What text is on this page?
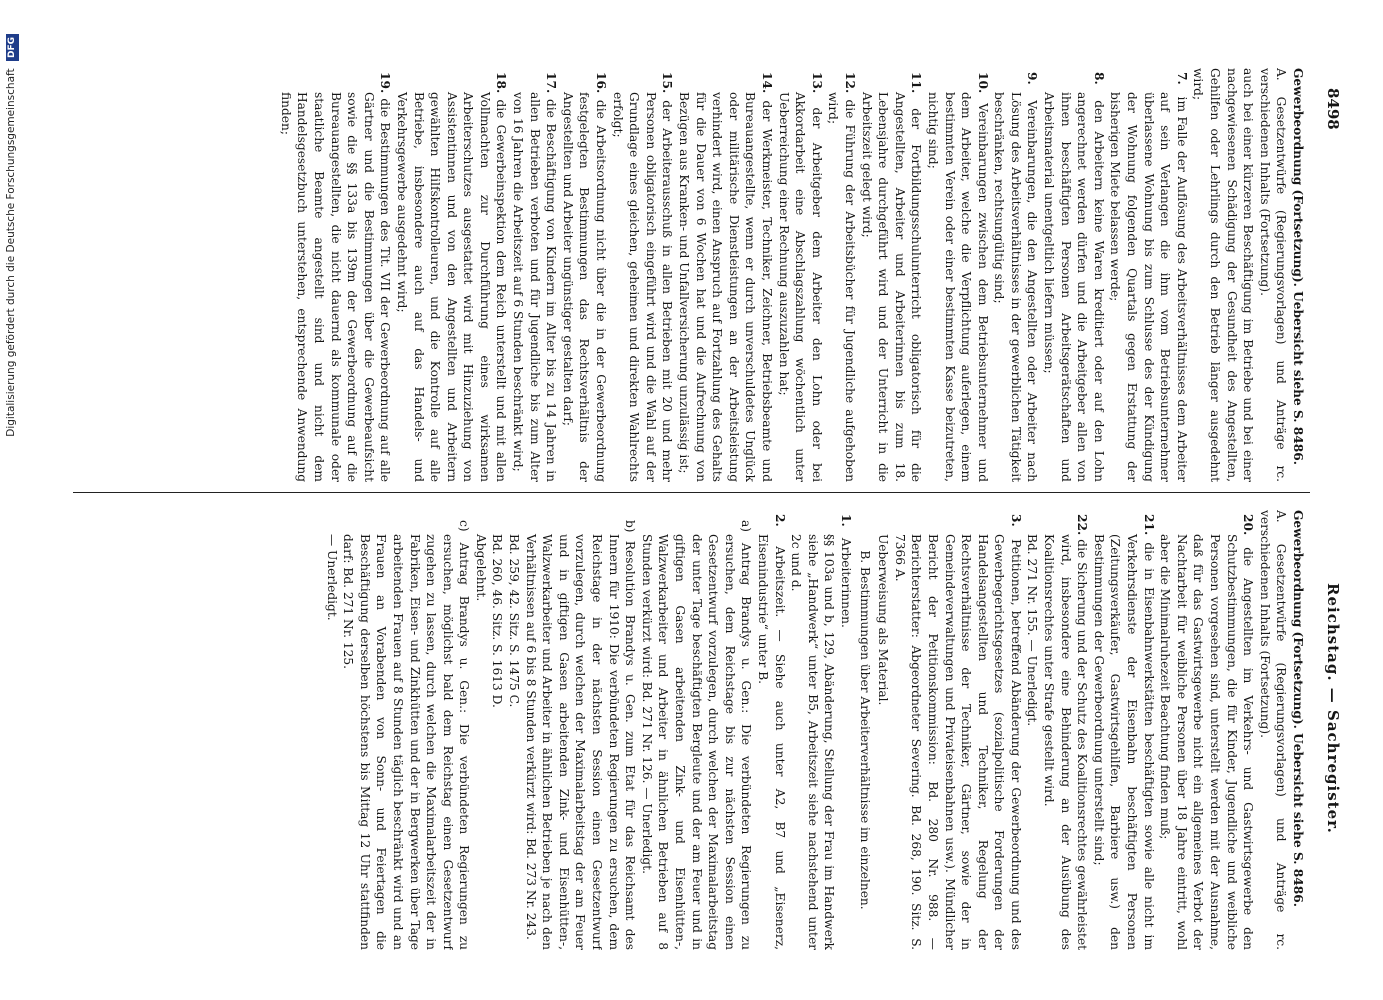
8498
Reichstag. — Sachregister.

Gewerbeordnung (Fortsetzung). Uebersicht siehe S. 8486.

A. Gesetzentwürfe (Regierungsvorlagen) und Anträge rc. verschiedenen Inhalts (Fortsetzung).

auch bei einer kürzeren Beschäftigung im Betriebe und bei einer nachgewiesenen Schädigung der Gesundheit des Angestellten, Gehilfen oder Lehrlings durch den Betrieb länger ausgedehnt wird;

7. im Falle der Auflösung des Arbeitsverhältnisses dem Arbeiter auf sein Verlangen die ihm vom Betriebsunternehmer überlassene Wohnung bis zum Schlusse des der Kündigung der Wohnung folgenden Quartals gegen Erstattung der bisherigen Miete belassen werde;

8. den Arbeitern keine Waren kreditiert oder auf den Lohn angerechnet werden dürfen und die Arbeitgeber allen von ihnen beschäftigten Personen Arbeitsgerätschaften und Arbeitsmaterial unentgeltlich liefern müssen;

9. Vereinbarungen, die den Angestellten oder Arbeiter nach Lösung des Arbeitsverhältnisses in der gewerblichen Tätigkeit beschränken, rechtsungültig sind;

10. Vereinbarungen zwischen dem Betriebsunternehmer und dem Arbeiter, welche die Verpflichtung auferlegen, einem bestimmten Verein oder einer bestimmten Kasse beizutreten, nichtig sind;

11. der Fortbildungsschulunterricht obligatorisch für die Angestellten, Arbeiter und Arbeiterinnen bis zum 18. Lebensjahre durchgeführt wird und der Unterricht in die Arbeitszeit gelegt wird;

12. die Führung der Arbeitsbücher für Jugendliche aufgehoben wird;

13. der Arbeitgeber dem Arbeiter den Lohn oder bei Akkordarbeit eine Abschlagszahlung wöchentlich unter Ueberreichung einer Rechnung auszuzahlen hat;

14. der Werkmeister, Techniker, Zeichner, Betriebsbeamte und Bureauangestellte, wenn er durch unverschuldetes Unglück oder militärische Dienstleistungen an der Arbeitsleistung verhindert wird, einen Anspruch auf Fortzahlung des Gehalts für die Dauer von 6 Wochen hat und die Aufrechnung von Bezügen aus Kranken- und Unfallversicherung unzulässig ist;

15. der Arbeiterausschuß in allen Betrieben mit 20 und mehr Personen obligatorisch eingeführt wird und die Wahl auf der Grundlage eines gleichen, geheimen und direkten Wahlrechts erfolgt;

16. die Arbeitsordnung nicht über die in der Gewerbeordnung festgelegten Bestimmungen das Rechtsverhältnis der Angestellten und Arbeiter ungünstiger gestalten darf;

17. die Beschäftigung von Kindern im Alter bis zu 14 Jahren in allen Betrieben verboten und für Jugendliche bis zum Alter von 16 Jahren die Arbeitszeit auf 6 Stunden beschränkt wird;

18. die Gewerbeinspektion dem Reich unterstellt und mit allen Vollmachten zur Durchführung eines wirksamen Arbeiterschutzes ausgestattet wird mit Hinzuziehung von Assistentinnen und von den Angestellten und Arbeitern gewählten Hilfskontrolleuren, und die Kontrolle auf alle Betriebe, insbesondere auch auf das Handels- und Verkehrsgewerbe ausgedehnt wird;

19. die Bestimmungen des Tit. VII der Gewerbeordnung auf alle Gärtner und die Bestimmungen über die Gewerbeaufsicht sowie die §§ 133a bis 139m der Gewerbeordnung auf die Bureauangestellten, die nicht dauernd als kommunale oder staatliche Beamte angestellt sind und nicht dem Handelsgesetzbuch unterstehen, entsprechende Anwendung finden;

Gewerbeordnung (Fortsetzung). Uebersicht siehe S. 8486.

A. Gesetzentwürfe (Regierungsvorlagen) und Anträge rc. verschiedenen Inhalts (Fortsetzung).

20. die Angestellten im Verkehrs- und Gastwirtsgewerbe den Schutzbestimmungen, die für Kinder, Jugendliche und weibliche Personen vorgesehen sind, unterstellt werden mit der Ausnahme, daß für das Gastwirtsgewerbe nicht ein allgemeines Verbot der Nachtarbeit für weibliche Personen über 18 Jahre eintritt, wohl aber die Minimalruhezeit Beachtung finden muß;

21. die in Eisenbahnwerkstätten beschäftigten sowie alle nicht im Verkehrsdienste der Eisenbahn beschäftigten Personen (Zeitungsverkäufer, Gastwirtsgehilfen, Barbiere usw.) den Bestimmungen der Gewerbeordnung unterstellt sind;

22. die Sicherung und der Schutz des Koalitionsrechtes gewährleistet wird, insbesondere eine Behinderung an der Ausübung des Koalitionsrechtes unter Strafe gestellt wird.

Bd. 271 Nr. 155. — Unerledigt.

3. Petitionen, betreffend Abänderung der Gewerbeordnung und des Gewerbegerichtsgesetzes (sozialpolitische Forderungen der Handelsangestellten und Techniker, Regelung der Rechtsverhältnisse der Techniker, Gärtner, sowie der in Gemeindeverwaltungen und Privateisenbahnen usw.). Mündlicher Bericht der Petitionskommission: Bd. 280 Nr. 988. — Berichterstatter: Abgeordneter Severing. Bd. 268, 190. Sitz. S. 7366 A.

Ueberweisung als Material.

B. Bestimmungen über Arbeiterverhältnisse im einzelnen.

1. Arbeiterinnen.

§§ 103a und b, 129, Abänderung, Stellung der Frau im Handwerk siehe „Handwerk“ unter B5, Arbeitszeit siehe nachstehend unter 2c und d.

2. Arbeitszeit. — Siehe auch unter A2, B7 und „Eisenerz, Eisenindustrie“ unter B.

a) Antrag Brandys u. Gen.: Die verbündeten Regierungen zu ersuchen, dem Reichstage bis zur nächsten Session einen Gesetzentwurf vorzulegen, durch welchen der Maximalarbeitstag der unter Tage beschäftigten Bergleute und der am Feuer und in giftigen Gasen arbeitenden Zink- und Eisenhütten-, Walzwerkarbeiter und Arbeiter in ähnlichen Betrieben auf 8 Stunden verkürzt wird: Bd. 271 Nr. 126. — Unerledigt.

b) Resolution Brandys u. Gen. zum Etat für das Reichsamt des Innern für 1910: Die verbündeten Regierungen zu ersuchen, dem Reichstage in der nächsten Session einen Gesetzentwurf vorzulegen, durch welchen der Maximalarbeitstag der am Feuer und in giftigen Gasen arbeitenden Zink- und Eisenhütten-, Walzwerkarbeiter und Arbeiter in ähnlichen Betrieben je nach den Verhältnissen auf 6 bis 8 Stunden verkürzt wird: Bd. 273 Nr. 243.

Bd. 259, 42. Sitz. S. 1475 C.

Bd. 260, 46. Sitz. S. 1613 D.

Abgelehnt.

c) Antrag Brandys u. Gen.: Die verbündeten Regierungen zu ersuchen, möglichst bald dem Reichstag einen Gesetzentwurf zugehen zu lassen, durch welchen die Maximalarbeitszeit der in Fabriken, Eisen- und Zinkhütten und der in Bergwerken über Tage arbeitenden Frauen auf 8 Stunden täglich beschränkt wird und an Frauen an Vorabenden von Sonn- und Feiertagen die Beschäftigung derselben höchstens bis Mittag 12 Uhr stattfinden darf: Bd. 271 Nr. 125.

— Unerledigt.

Digitalisierung gefördert durch die Deutsche Forschungsgemeinschaft DFG
